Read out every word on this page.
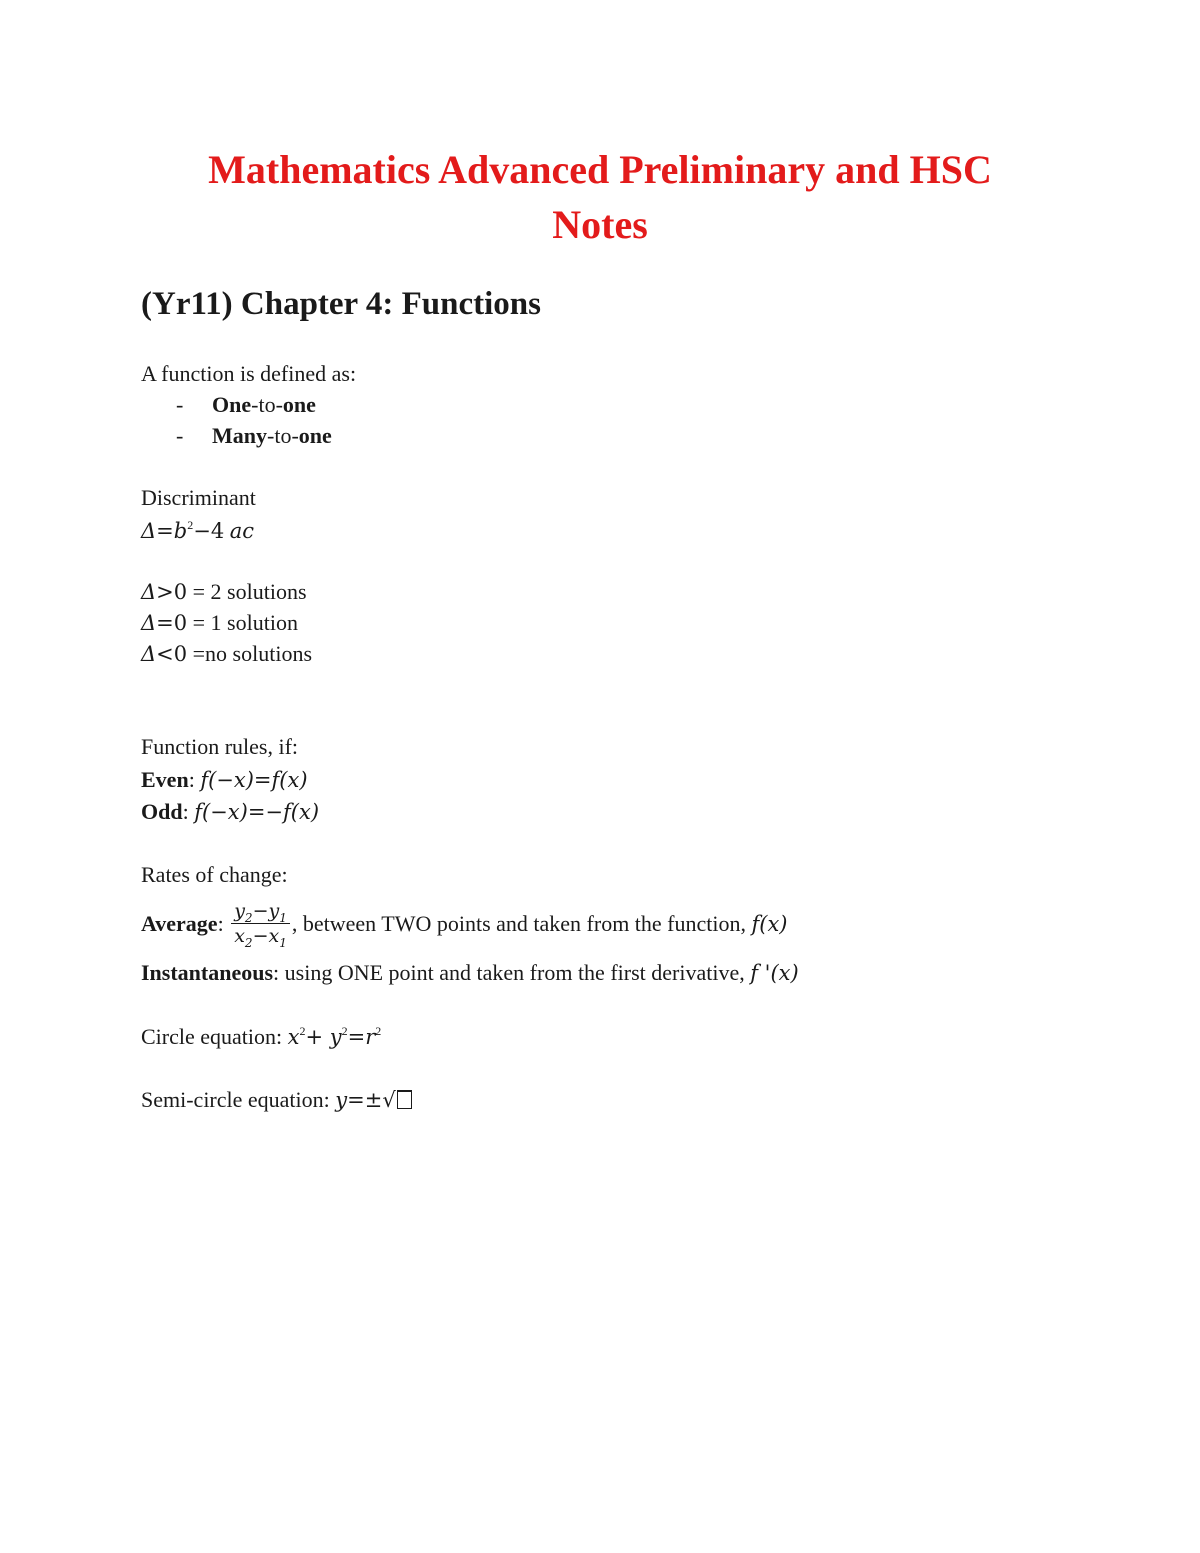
Mathematics Advanced Preliminary and HSC
Notes
(Yr11) Chapter 4: Functions
A function is defined as:
- One-to-one
- Many-to-one
Discriminant
$\Delta=b^2-4$ ac
Δ>0 = 2 solutions
Δ=0 = 1 solution
Δ<0 =no solutions
Function rules, if:
Even: f(−x)=f(x)
Odd: f(−x)=−f(x)
Rates of change:
Average: $\frac{y_2-y_1}{x_2-x_1}$ , between TWO points and taken from the function, f(x)
Instantaneous: using ONE point and taken from the first derivative, f '(x)
Circle equation: $x^2+ y^2=r^2$
Semi-circle equation: y=±√
